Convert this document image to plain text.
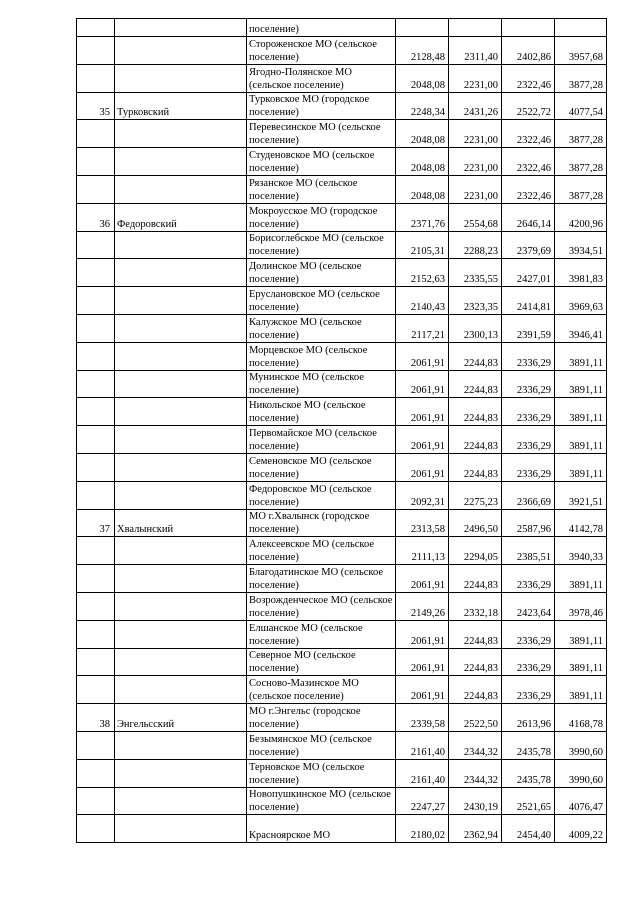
		поселение)				
		Стороженское МО (сельское поселение)	2128,48	2311,40	2402,86	3957,68
		Ягодно-Полянское МО (сельское поселение)	2048,08	2231,00	2322,46	3877,28
35	Турковский	Турковское МО (городское поселение)	2248,34	2431,26	2522,72	4077,54
		Перевесинское МО (сельское поселение)	2048,08	2231,00	2322,46	3877,28
		Студеновское МО (сельское поселение)	2048,08	2231,00	2322,46	3877,28
		Рязанское МО (сельское поселение)	2048,08	2231,00	2322,46	3877,28
36	Федоровский	Мокроусское МО (городское поселение)	2371,76	2554,68	2646,14	4200,96
		Борисоглебское МО (сельское поселение)	2105,31	2288,23	2379,69	3934,51
		Долинское МО (сельское поселение)	2152,63	2335,55	2427,01	3981,83
		Еруслановское МО (сельское поселение)	2140,43	2323,35	2414,81	3969,63
		Калужское МО (сельское поселение)	2117,21	2300,13	2391,59	3946,41
		Морцевское МО (сельское поселение)	2061,91	2244,83	2336,29	3891,11
		Мунинское МО (сельское поселение)	2061,91	2244,83	2336,29	3891,11
		Никольское МО (сельское поселение)	2061,91	2244,83	2336,29	3891,11
		Первомайское МО (сельское поселение)	2061,91	2244,83	2336,29	3891,11
		Семеновское МО (сельское поселение)	2061,91	2244,83	2336,29	3891,11
		Федоровское МО (сельское поселение)	2092,31	2275,23	2366,69	3921,51
37	Хвалынский	МО г.Хвалынск (городское поселение)	2313,58	2496,50	2587,96	4142,78
		Алексеевское МО (сельское поселение)	2111,13	2294,05	2385,51	3940,33
		Благодатинское МО (сельское поселение)	2061,91	2244,83	2336,29	3891,11
		Возрожденческое МО (сельское поселение)	2149,26	2332,18	2423,64	3978,46
		Елшанское МО (сельское поселение)	2061,91	2244,83	2336,29	3891,11
		Северное МО (сельское поселение)	2061,91	2244,83	2336,29	3891,11
		Сосново-Мазинское МО (сельское поселение)	2061,91	2244,83	2336,29	3891,11
38	Энгельсский	МО г.Энгельс (городское поселение)	2339,58	2522,50	2613,96	4168,78
		Безымянское МО (сельское поселение)	2161,40	2344,32	2435,78	3990,60
		Терновское МО (сельское поселение)	2161,40	2344,32	2435,78	3990,60
		Новопушкинское МО (сельское поселение)	2247,27	2430,19	2521,65	4076,47
		Красноярское МО	2180,02	2362,94	2454,40	4009,22
